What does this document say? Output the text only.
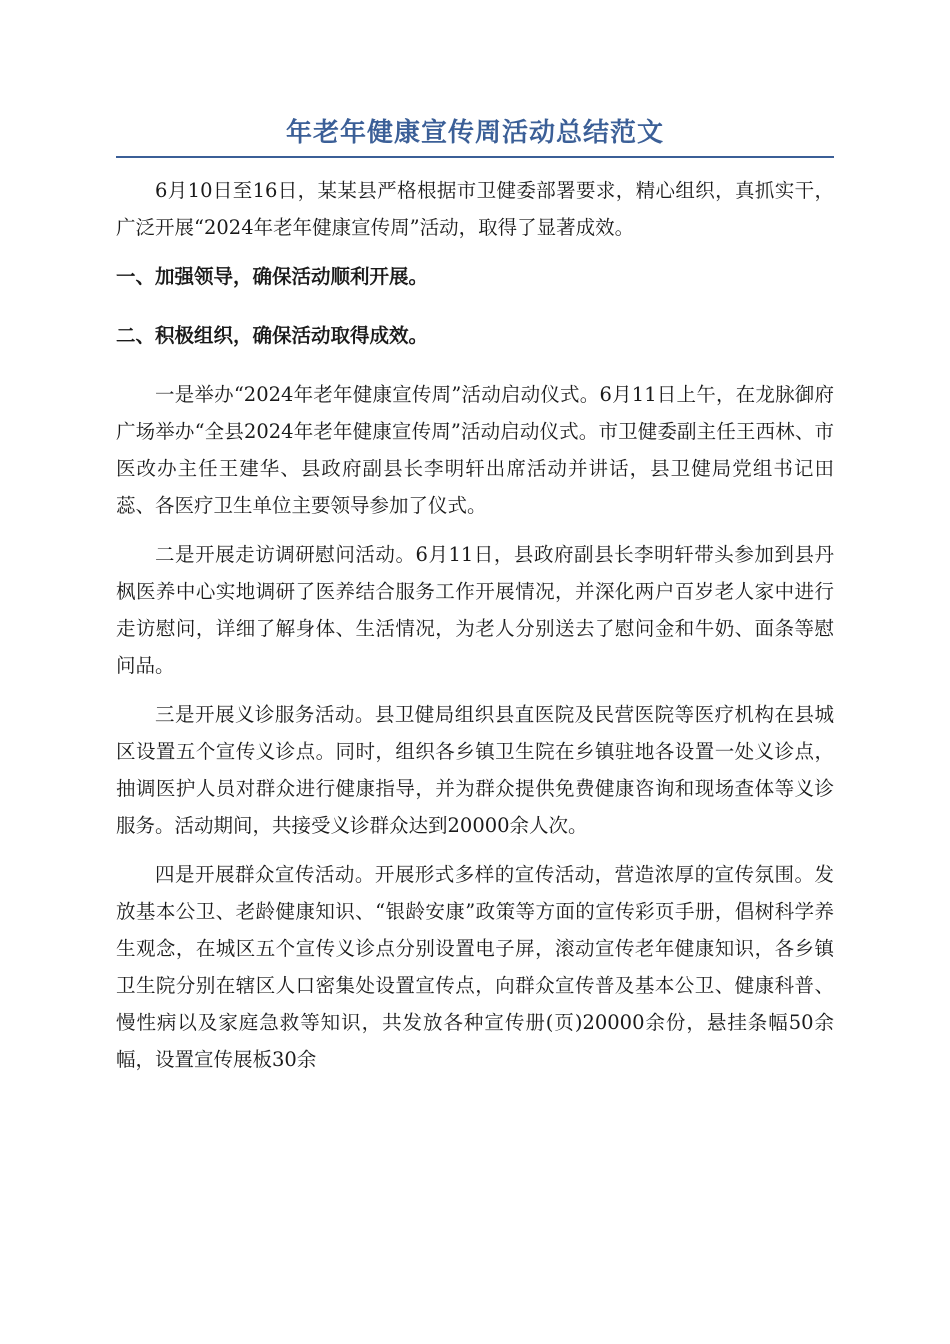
年老年健康宣传周活动总结范文

6月10日至16日，某某县严格根据市卫健委部署要求，精心组织，真抓实干，广泛开展“2024年老年健康宣传周”活动，取得了显著成效。

一、加强领导，确保活动顺利开展。

二、积极组织，确保活动取得成效。

一是举办“2024年老年健康宣传周”活动启动仪式。6月11日上午，在龙脉御府广场举办“全县2024年老年健康宣传周”活动启动仪式。市卫健委副主任王西林、市医改办主任王建华、县政府副县长李明轩出席活动并讲话，县卫健局党组书记田蕊、各医疗卫生单位主要领导参加了仪式。

二是开展走访调研慰问活动。6月11日，县政府副县长李明轩带头参加到县丹枫医养中心实地调研了医养结合服务工作开展情况，并深化两户百岁老人家中进行走访慰问，详细了解身体、生活情况，为老人分别送去了慰问金和牛奶、面条等慰问品。

三是开展义诊服务活动。县卫健局组织县直医院及民营医院等医疗机构在县城区设置五个宣传义诊点。同时，组织各乡镇卫生院在乡镇驻地各设置一处义诊点，抽调医护人员对群众进行健康指导，并为群众提供免费健康咨询和现场查体等义诊服务。活动期间，共接受义诊群众达到20000余人次。

四是开展群众宣传活动。开展形式多样的宣传活动，营造浓厚的宣传氛围。发放基本公卫、老龄健康知识、“银龄安康”政策等方面的宣传彩页手册，倡树科学养生观念，在城区五个宣传义诊点分别设置电子屏，滚动宣传老年健康知识，各乡镇卫生院分别在辖区人口密集处设置宣传点，向群众宣传普及基本公卫、健康科普、慢性病以及家庭急救等知识，共发放各种宣传册(页)20000余份，悬挂条幅50余幅，设置宣传展板30余
